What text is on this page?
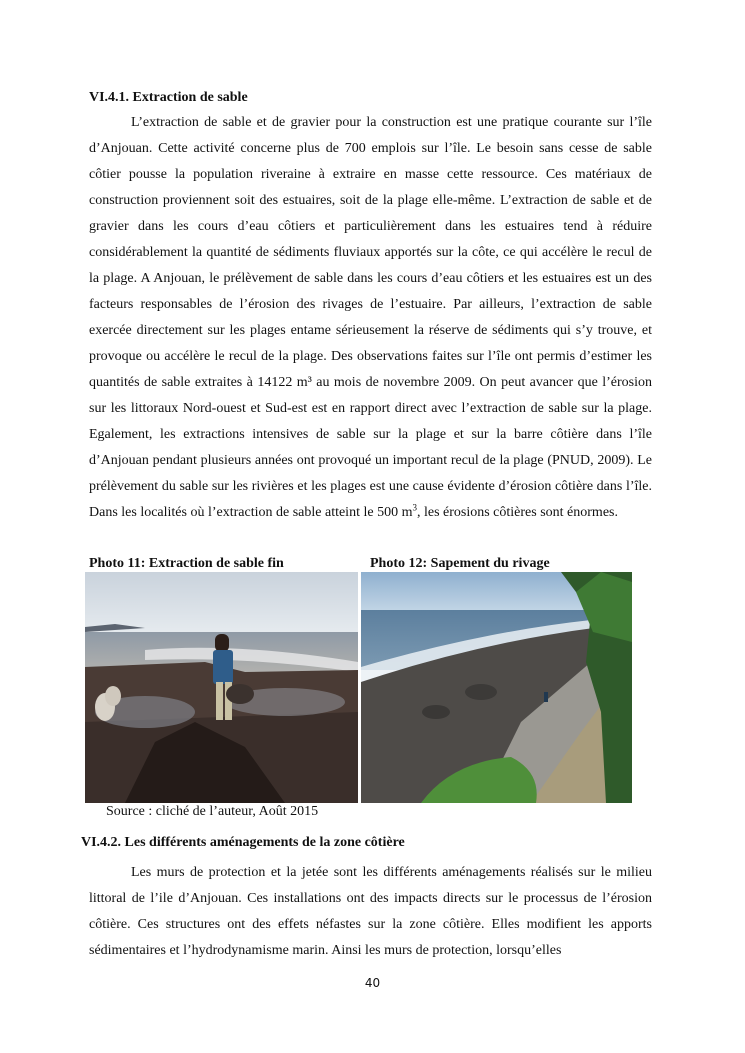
VI.4.1. Extraction de sable
L’extraction de sable et de gravier pour la construction est une pratique courante sur l’île d’Anjouan. Cette activité concerne plus de 700 emplois sur l’île. Le besoin sans cesse de sable côtier pousse la population riveraine à extraire en masse cette ressource. Ces matériaux de construction proviennent soit des estuaires, soit de la plage elle-même. L’extraction de sable et de gravier dans les cours d’eau côtiers et particulièrement dans les estuaires tend à réduire considérablement la quantité de sédiments fluviaux apportés sur la côte, ce qui accélère le recul de la plage. A Anjouan, le prélèvement de sable dans les cours d’eau côtiers et les estuaires est un des facteurs responsables de l’érosion des rivages de l’estuaire. Par ailleurs, l’extraction de sable exercée directement sur les plages entame sérieusement la réserve de sédiments qui s’y trouve, et provoque ou accélère le recul de la plage. Des observations faites sur l’île ont permis d’estimer les quantités de sable extraites à 14122 m³ au mois de novembre 2009. On peut avancer que l’érosion sur les littoraux Nord-ouest et Sud-est est en rapport direct avec l’extraction de sable sur la plage. Egalement, les extractions intensives de sable sur la plage et sur la barre côtière dans l’île d’Anjouan pendant plusieurs années ont provoqué un important recul de la plage (PNUD, 2009). Le prélèvement du sable sur les rivières et les plages est une cause évidente d’érosion côtière dans l’île. Dans les localités où l’extraction de sable atteint le 500 $m^3$, les érosions côtières sont énormes.
Photo 11: Extraction de sable fin	Photo 12: Sapement du rivage
Source : cliché de l’auteur, Août 2015
VI.4.2. Les différents aménagements de la zone côtière
Les murs de protection et la jetée sont les différents aménagements réalisés sur le milieu littoral de l’ile d’Anjouan. Ces installations ont des impacts directs sur le processus de l’érosion côtière. Ces structures ont des effets néfastes sur la zone côtière. Elles modifient les apports sédimentaires et l’hydrodynamisme marin. Ainsi les murs de protection, lorsqu’elles
40
